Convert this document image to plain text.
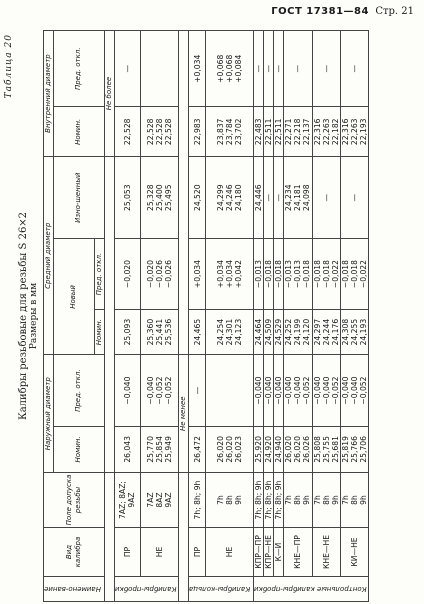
ГОСТ 17381—84 Стр. 21
Таблица 20
Калибры резьбовые для резьбы S 26×2 Размеры в мм
Наимено-вание	Вид калибра	Поле допуска резьбы	Наружный диаметр		Средний диаметр			Внутренний диаметр	
			Номин.	Пред. откл.	Новый		Изно-шенный	Номин.	Пред. откл.
					Номин.	Пред. откл.			
								Не более	
Калибры-пробки	ПР	7AZ; 8AZ; 9AZ	26,043	−0,040	25,093	−0,020	25,053	22,528	—

	НЕ	7AZ 8AZ 9AZ	25,770 25,854 25,949	−0,040 −0,052 −0,052	25,360 25,441 25,536	−0,020 −0,026 −0,026	25,328 25,400 25,495	22,528 22,528 22,528	

			Не менее						
Калибры-кольца	ПР	7h; 8h; 9h	26,472	—	24,465	+0,034	24,520	22,983	+0,034

	НЕ	7h 8h 9h	26,020 26,020 26,023		24,254 24,301 24,123	+0,034 +0,034 +0,042	24,299 24,246 24,180	23,837 23,784 23,702	+0,068 +0,068 +0,084

Контрольные калибры-пробки	КПР—ПР	7h; 8h; 9h	25,920	−0,040	24,464	−0,013	24,446	22,483	—

	КПР—НЕ	7h; 8h; 9h	24,920	−0,040	24,509	−0,018	—	22,511	—

	К—И	7h; 8h; 9h	24,940	−0,040	24,529	−0,018	—	22,511	—

	КНЕ—ПР	7h 8h 9h	26,020 26,020 26,026	−0,040 −0,040 −0,052	24,252 24,199 24,120	−0,013 −0,013 −0,018	24,234 24,181 24,098	22,271 22,218 22,137	—

	КНЕ—НЕ	7h 8h 9h	25,808 25,755 25,681	−0,040 −0,040 −0,052	24,297 24,244 24,176	−0,018 −0,018 −0,022	—	22,316 22,263 22,182	—

	КИ—НЕ	7h 8h 9h	25,819 25,766 25,706	−0,040 −0,040 −0,052	24,308 24,255 24,193	−0,018 −0,018 −0,022	—	22,316 22,263 22,193	—
